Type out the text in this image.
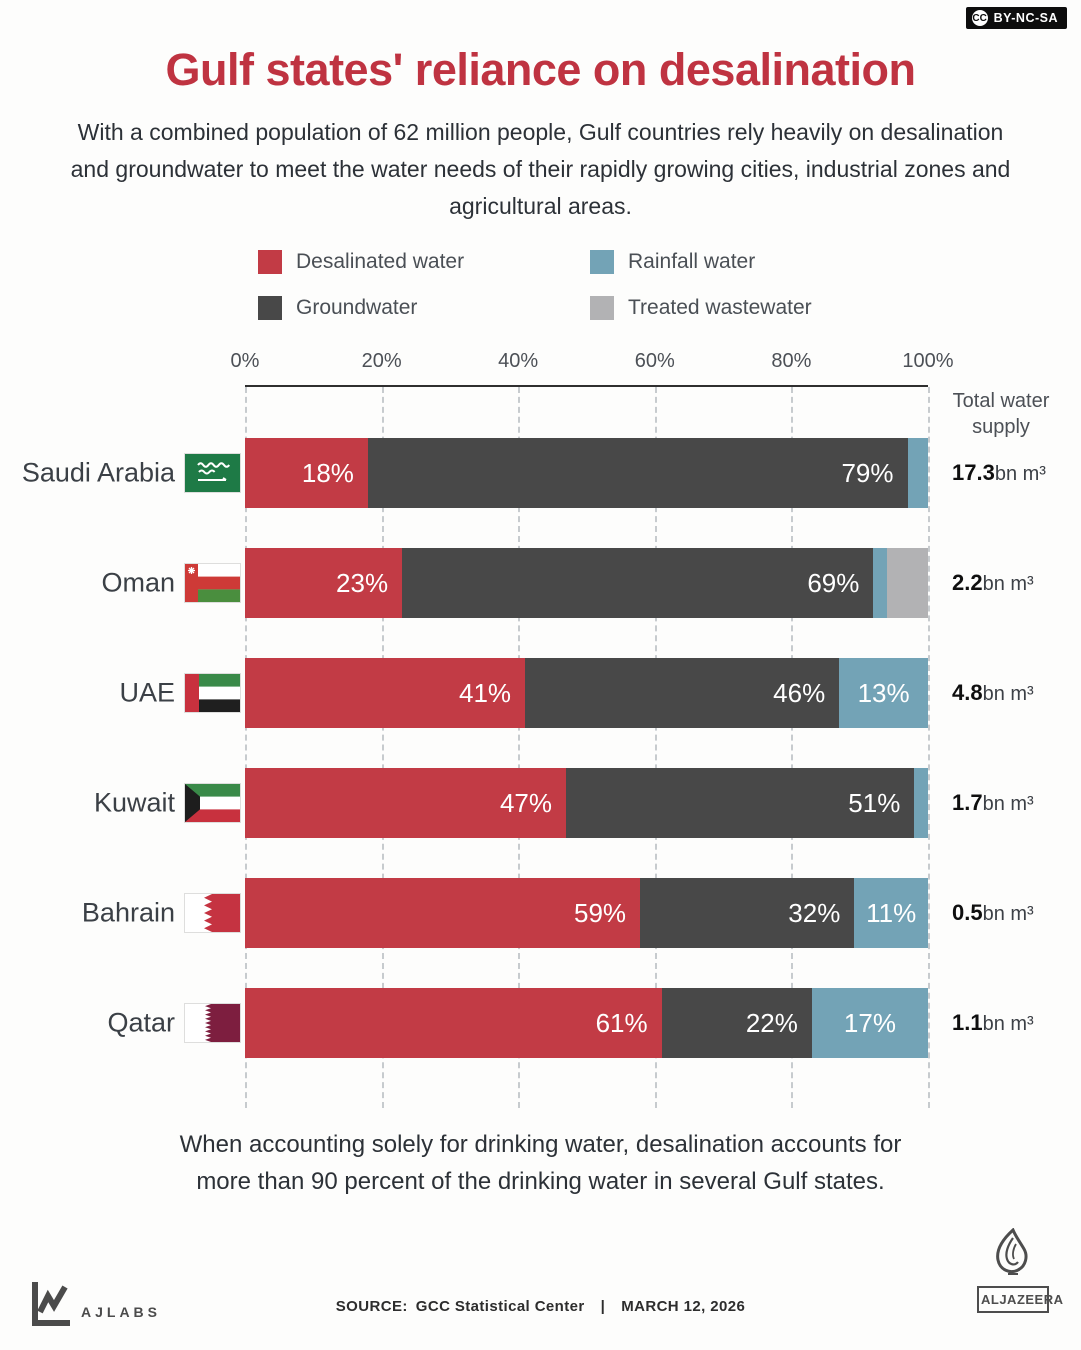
CC BY-NC-SA
Gulf states' reliance on desalination
With a combined population of 62 million people, Gulf countries rely heavily on desalination and groundwater to meet the water needs of their rapidly growing cities, industrial zones and agricultural areas.
Desalinated water	Rainfall water
Groundwater	Treated wastewater
0%	20%	40%	60%	80%	100%
Total water supply
Saudi Arabia	18%	79%	17.3bn m³
Oman	23%	69%	2.2bn m³
UAE	41%	46%	13% 4.8bn m³
Kuwait	47%	51%	1.7bn m³
Bahrain	59%	32% 11% 0.5bn m³
Qatar	61%	22%	17%	1.1bn m³
When accounting solely for drinking water, desalination accounts for more than 90 percent of the drinking water in several Gulf states.
AJLABS	SOURCE: GCC Statistical Center | MARCH 12, 2026	ALJAZEERA
